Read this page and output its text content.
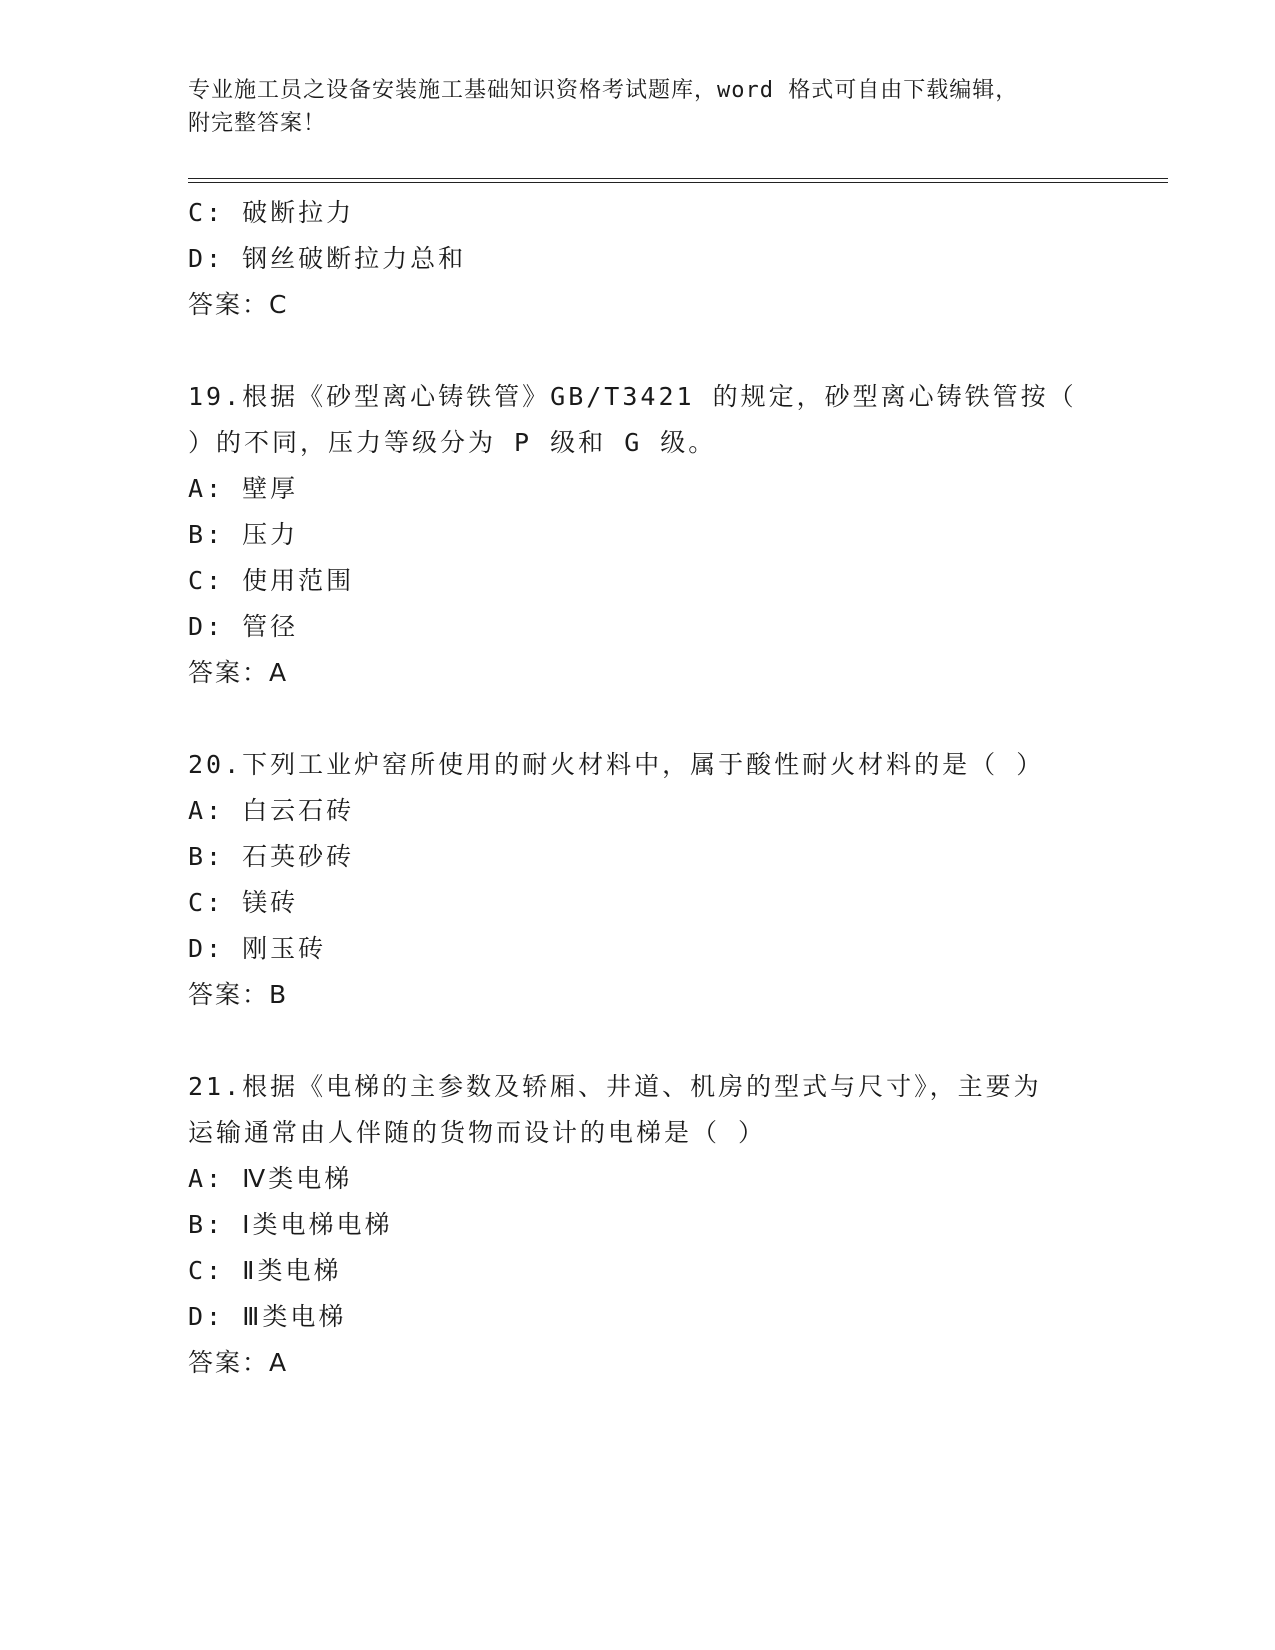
专业施工员之设备安装施工基础知识资格考试题库，word 格式可自由下载编辑，
附完整答案！
C: 破断拉力
D: 钢丝破断拉力总和
答案：C
19.根据《砂型离心铸铁管》GB/T3421 的规定，砂型离心铸铁管按（
）的不同，压力等级分为 P 级和 G 级。
A: 壁厚
B: 压力
C: 使用范围
D: 管径
答案：A
20.下列工业炉窑所使用的耐火材料中，属于酸性耐火材料的是（ ）
A: 白云石砖
B: 石英砂砖
C: 镁砖
D: 刚玉砖
答案：B
21.根据《电梯的主参数及轿厢、井道、机房的型式与尺寸》，主要为
运输通常由人伴随的货物而设计的电梯是（ ）
A: Ⅳ类电梯
B: Ⅰ类电梯电梯
C: Ⅱ类电梯
D: Ⅲ类电梯
答案：A
